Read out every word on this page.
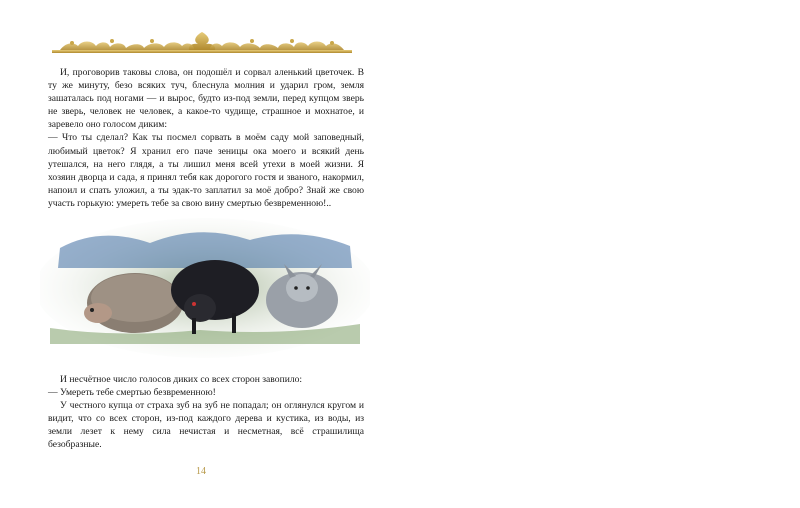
И, проговорив таковы слова, он подошёл и сорвал аленький цветочек. В ту же минуту, безо всяких туч, блеснула молния и ударил гром, земля зашаталась под ногами — и вырос, будто из-под земли, перед купцом зверь не зверь, человек не человек, а какое-то чудище, страшное и мохнатое, и заревело оно голосом диким:

— Что ты сделал? Как ты посмел сорвать в моём саду мой заповедный, любимый цветок? Я хранил его паче зеницы ока моего и всякий день утешался, на него глядя, а ты лишил меня всей утехи в моей жизни. Я хозяин дворца и сада, я принял тебя как дорогого гостя и званого, накормил, напоил и спать уложил, а ты эдак-то заплатил за моё добро? Знай же свою участь горькую: умереть тебе за свою вину смертью безвременною!..

И несчётное число голосов диких со всех сторон завопило:

— Умереть тебе смертью безвременною!

У честного купца от страха зуб на зуб не попадал; он оглянулся кругом и видит, что со всех сторон, из-под каждого дерева и кустика, из воды, из земли лезет к нему сила нечистая и несметная, всё страшилища безобразные.

14
